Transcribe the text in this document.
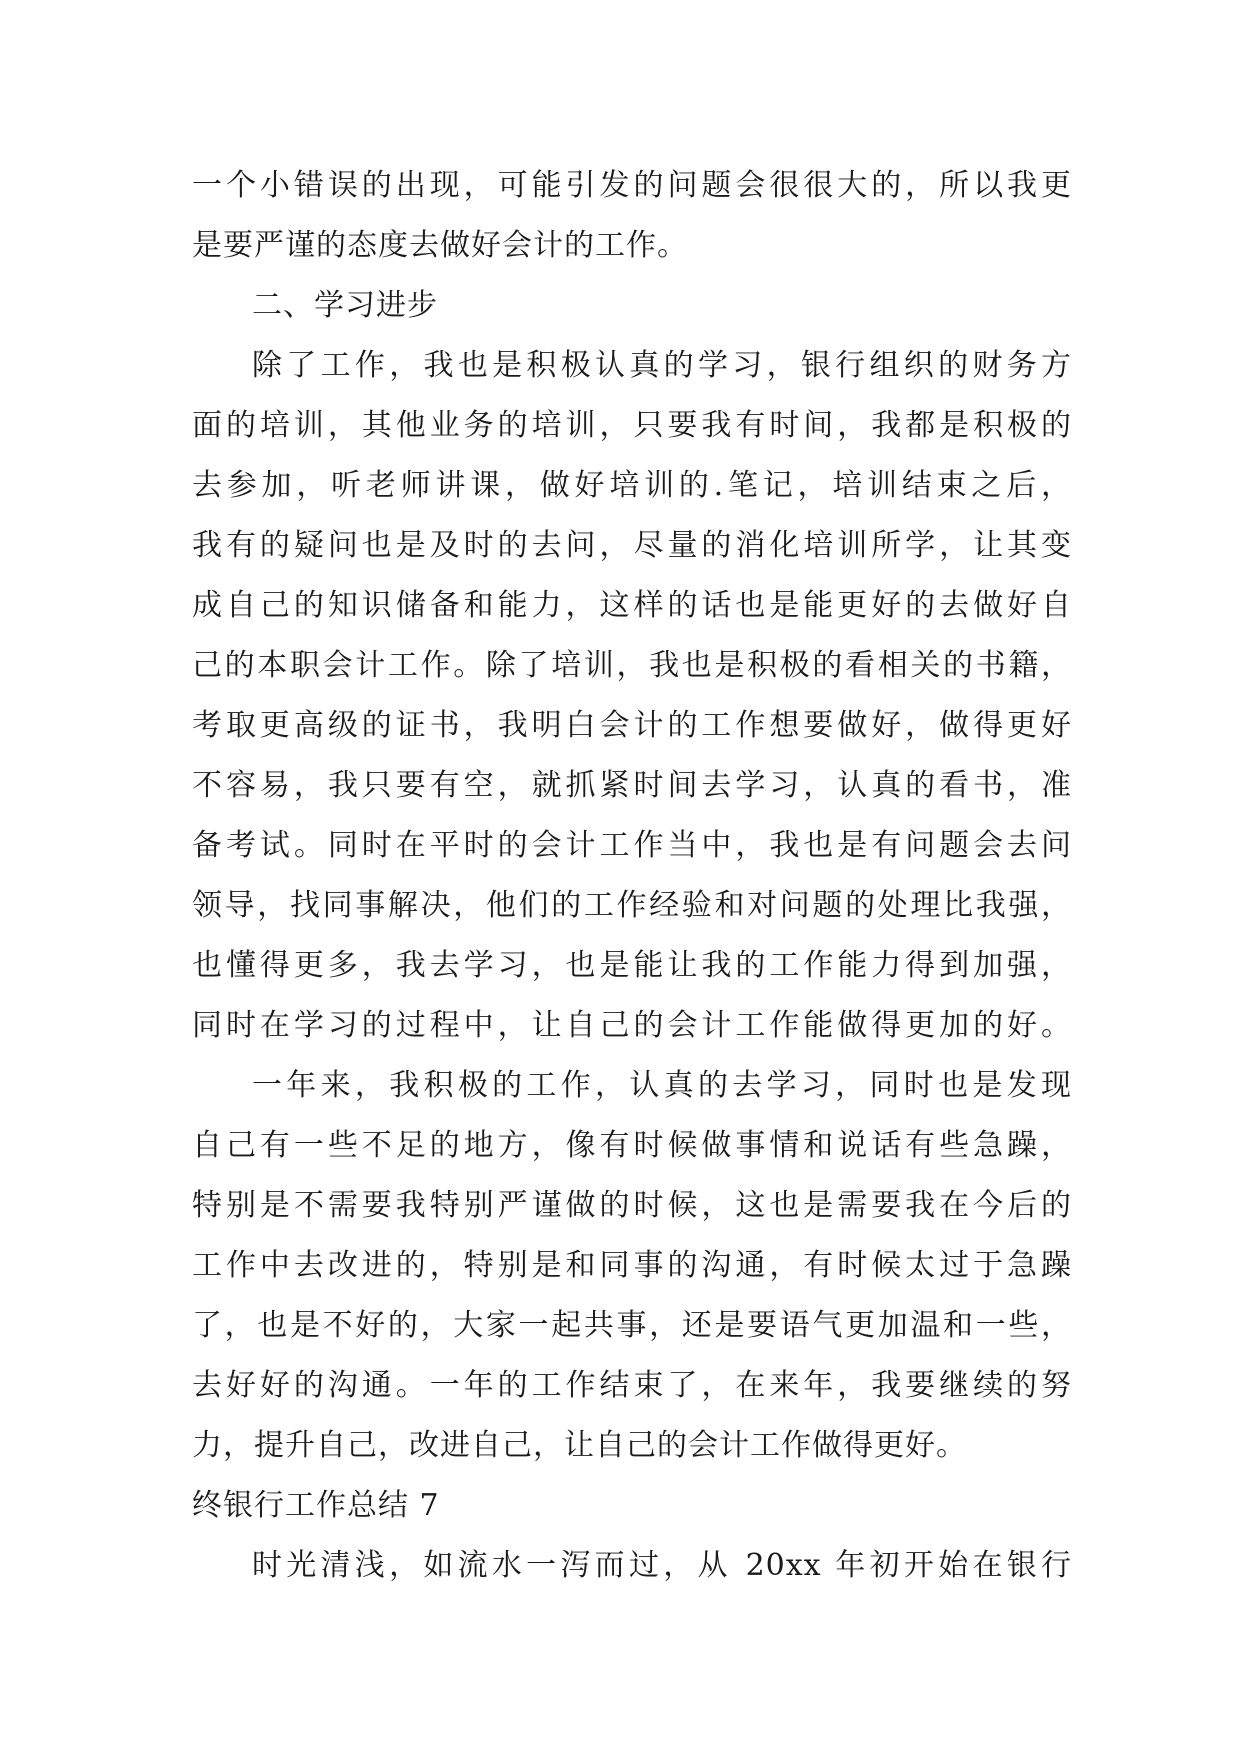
一个小错误的出现，可能引发的问题会很很大的，所以我更
是要严谨的态度去做好会计的工作。
二、学习进步
除了工作，我也是积极认真的学习，银行组织的财务方
面的培训，其他业务的培训，只要我有时间，我都是积极的
去参加，听老师讲课，做好培训的.笔记，培训结束之后，
我有的疑问也是及时的去问，尽量的消化培训所学，让其变
成自己的知识储备和能力，这样的话也是能更好的去做好自
己的本职会计工作。除了培训，我也是积极的看相关的书籍，
考取更高级的证书，我明白会计的工作想要做好，做得更好
不容易，我只要有空，就抓紧时间去学习，认真的看书，准
备考试。同时在平时的会计工作当中，我也是有问题会去问
领导，找同事解决，他们的工作经验和对问题的处理比我强，
也懂得更多，我去学习，也是能让我的工作能力得到加强，
同时在学习的过程中，让自己的会计工作能做得更加的好。
一年来，我积极的工作，认真的去学习，同时也是发现
自己有一些不足的地方，像有时候做事情和说话有些急躁，
特别是不需要我特别严谨做的时候，这也是需要我在今后的
工作中去改进的，特别是和同事的沟通，有时候太过于急躁
了，也是不好的，大家一起共事，还是要语气更加温和一些，
去好好的沟通。一年的工作结束了，在来年，我要继续的努
力，提升自己，改进自己，让自己的会计工作做得更好。
终银行工作总结 7
时光清浅，如流水一泻而过，从 20xx 年初开始在银行
